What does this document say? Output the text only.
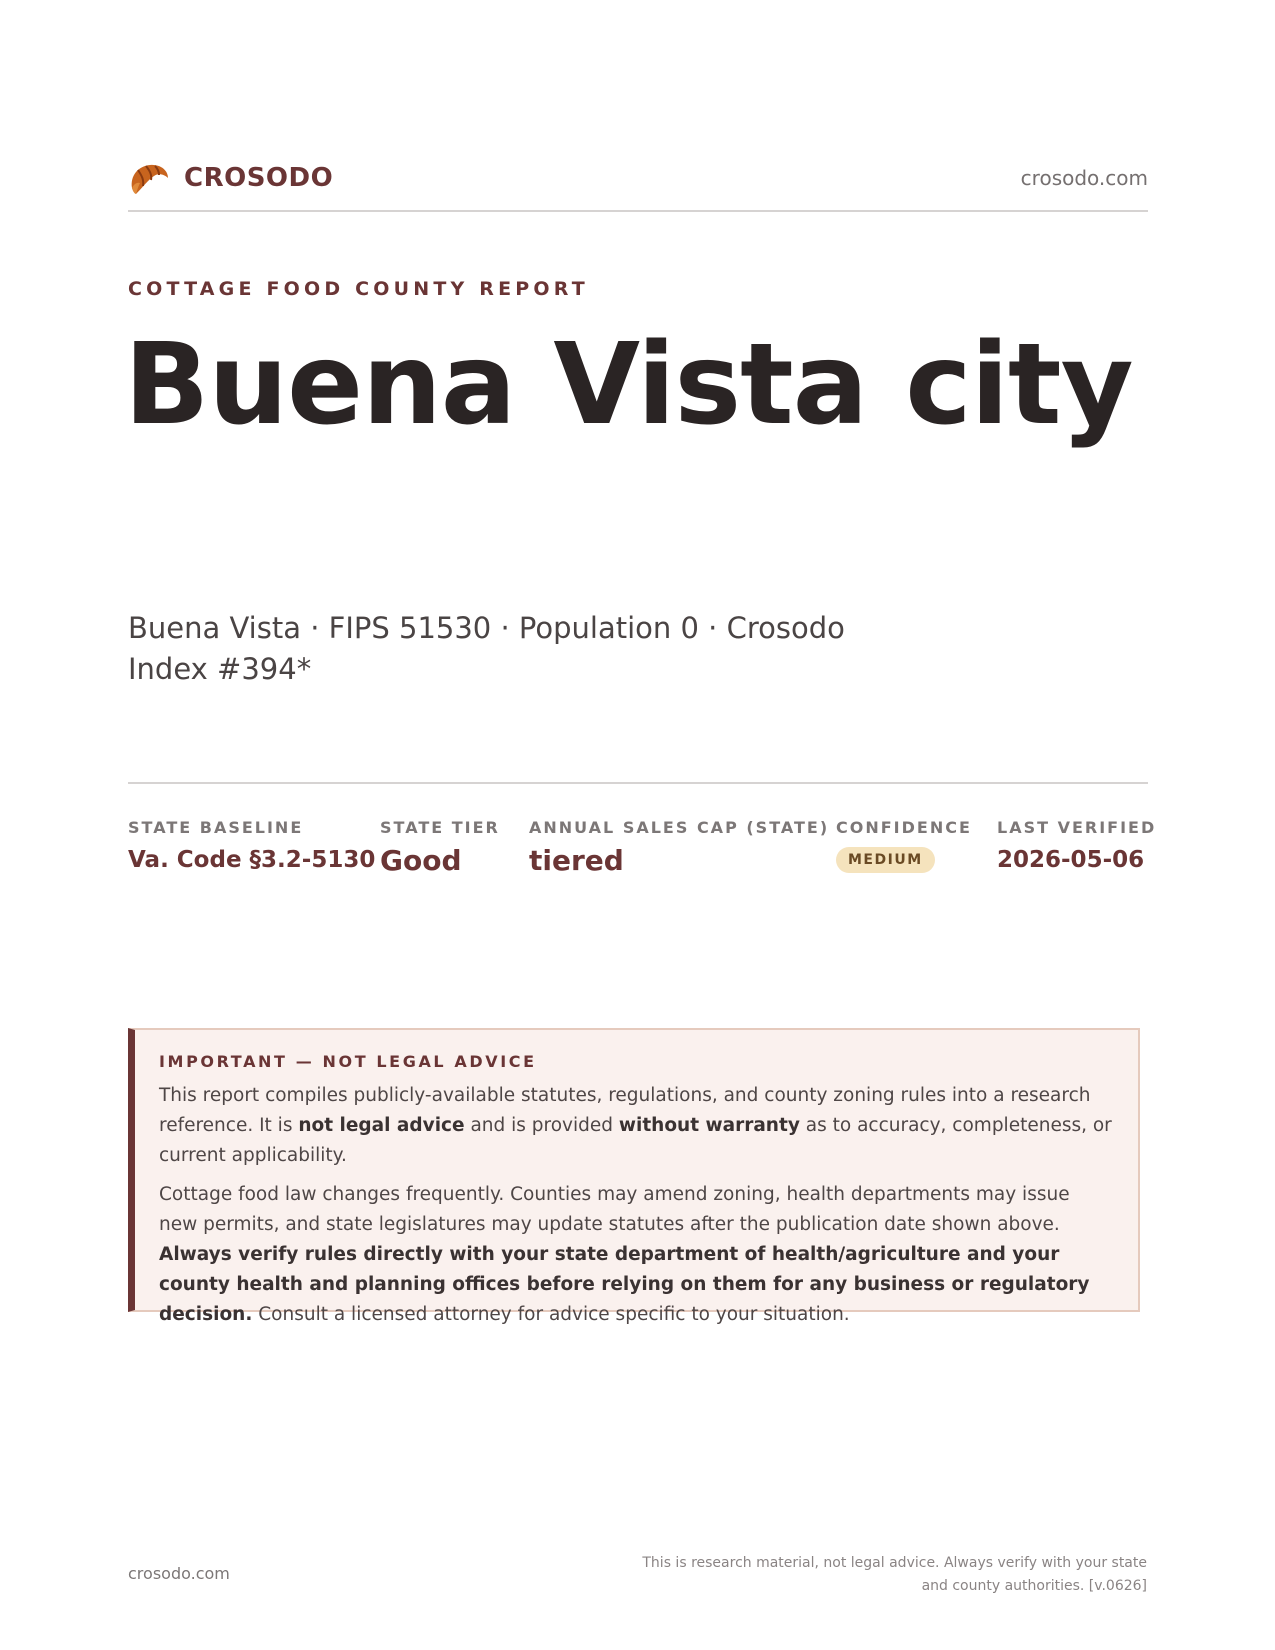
CROSODO	crosodo.com
COTTAGE FOOD COUNTY REPORT
Buena Vista city
Buena Vista · FIPS 51530 · Population 0 · Crosodo Index #394*
STATE BASELINE
Va. Code §3.2-5130
STATE TIER
Good
ANNUAL SALES CAP (STATE)
tiered
CONFIDENCE
MEDIUM
LAST VERIFIED
2026-05-06
IMPORTANT — NOT LEGAL ADVICE

This report compiles publicly-available statutes, regulations, and county zoning rules into a research reference. It is not legal advice and is provided without warranty as to accuracy, completeness, or current applicability.

Cottage food law changes frequently. Counties may amend zoning, health departments may issue new permits, and state legislatures may update statutes after the publication date shown above. Always verify rules directly with your state department of health/agriculture and your county health and planning offices before relying on them for any business or regulatory decision. Consult a licensed attorney for advice specific to your situation.

crosodo.com
This is research material, not legal advice. Always verify with your state
and county authorities. [v.0626]
